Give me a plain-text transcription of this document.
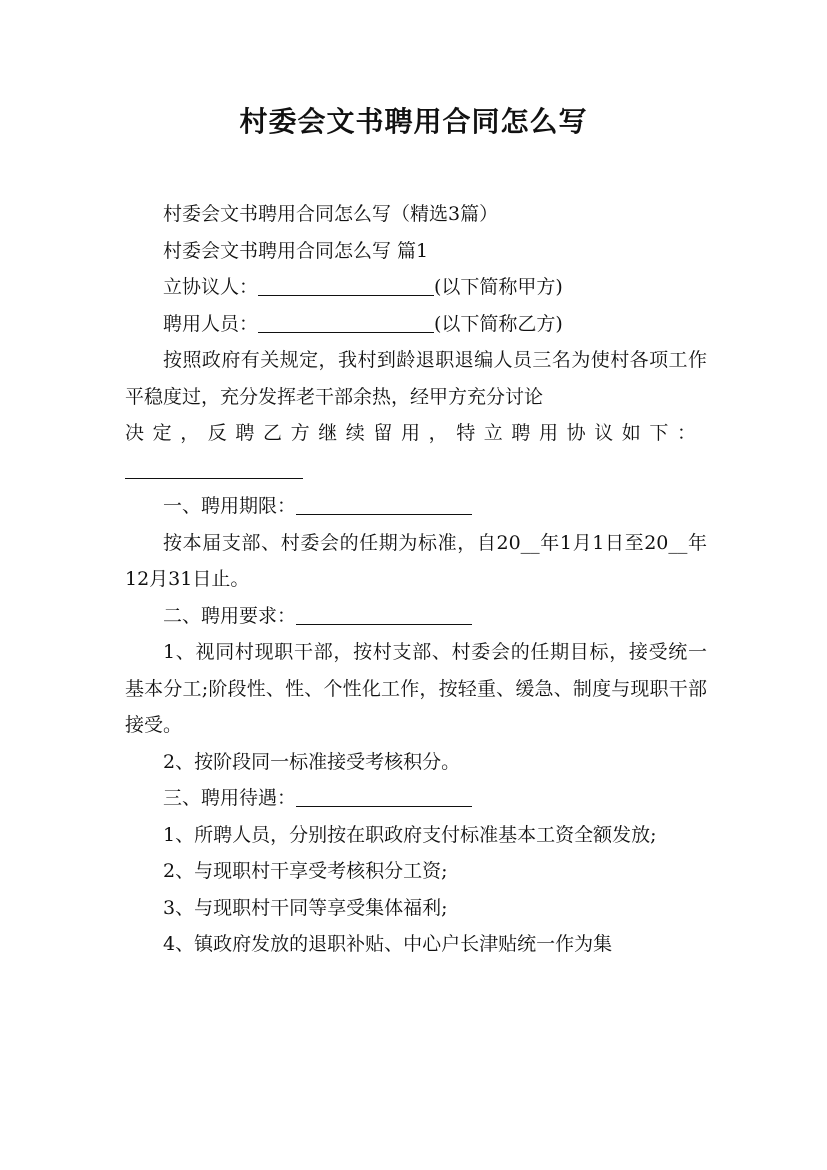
村委会文书聘用合同怎么写

村委会文书聘用合同怎么写（精选3篇）

村委会文书聘用合同怎么写 篇1

立协议人：	(以下简称甲方)

聘用人员：	(以下简称乙方)

按照政府有关规定，我村到龄退职退编人员三名为使村各项工作平稳度过，充分发挥老干部余热，经甲方充分讨论

决定，反聘乙方继续留用，特立聘用协议如下：

一、聘用期限：

按本届支部、村委会的任期为标准，自20__年1月1日至20__年12月31日止。

二、聘用要求：

1、视同村现职干部，按村支部、村委会的任期目标，接受统一基本分工;阶段性、性、个性化工作，按轻重、缓急、制度与现职干部接受。

2、按阶段同一标准接受考核积分。

三、聘用待遇：

1、所聘人员，分别按在职政府支付标准基本工资全额发放;

2、与现职村干享受考核积分工资;

3、与现职村干同等享受集体福利;

4、镇政府发放的退职补贴、中心户长津贴统一作为集
